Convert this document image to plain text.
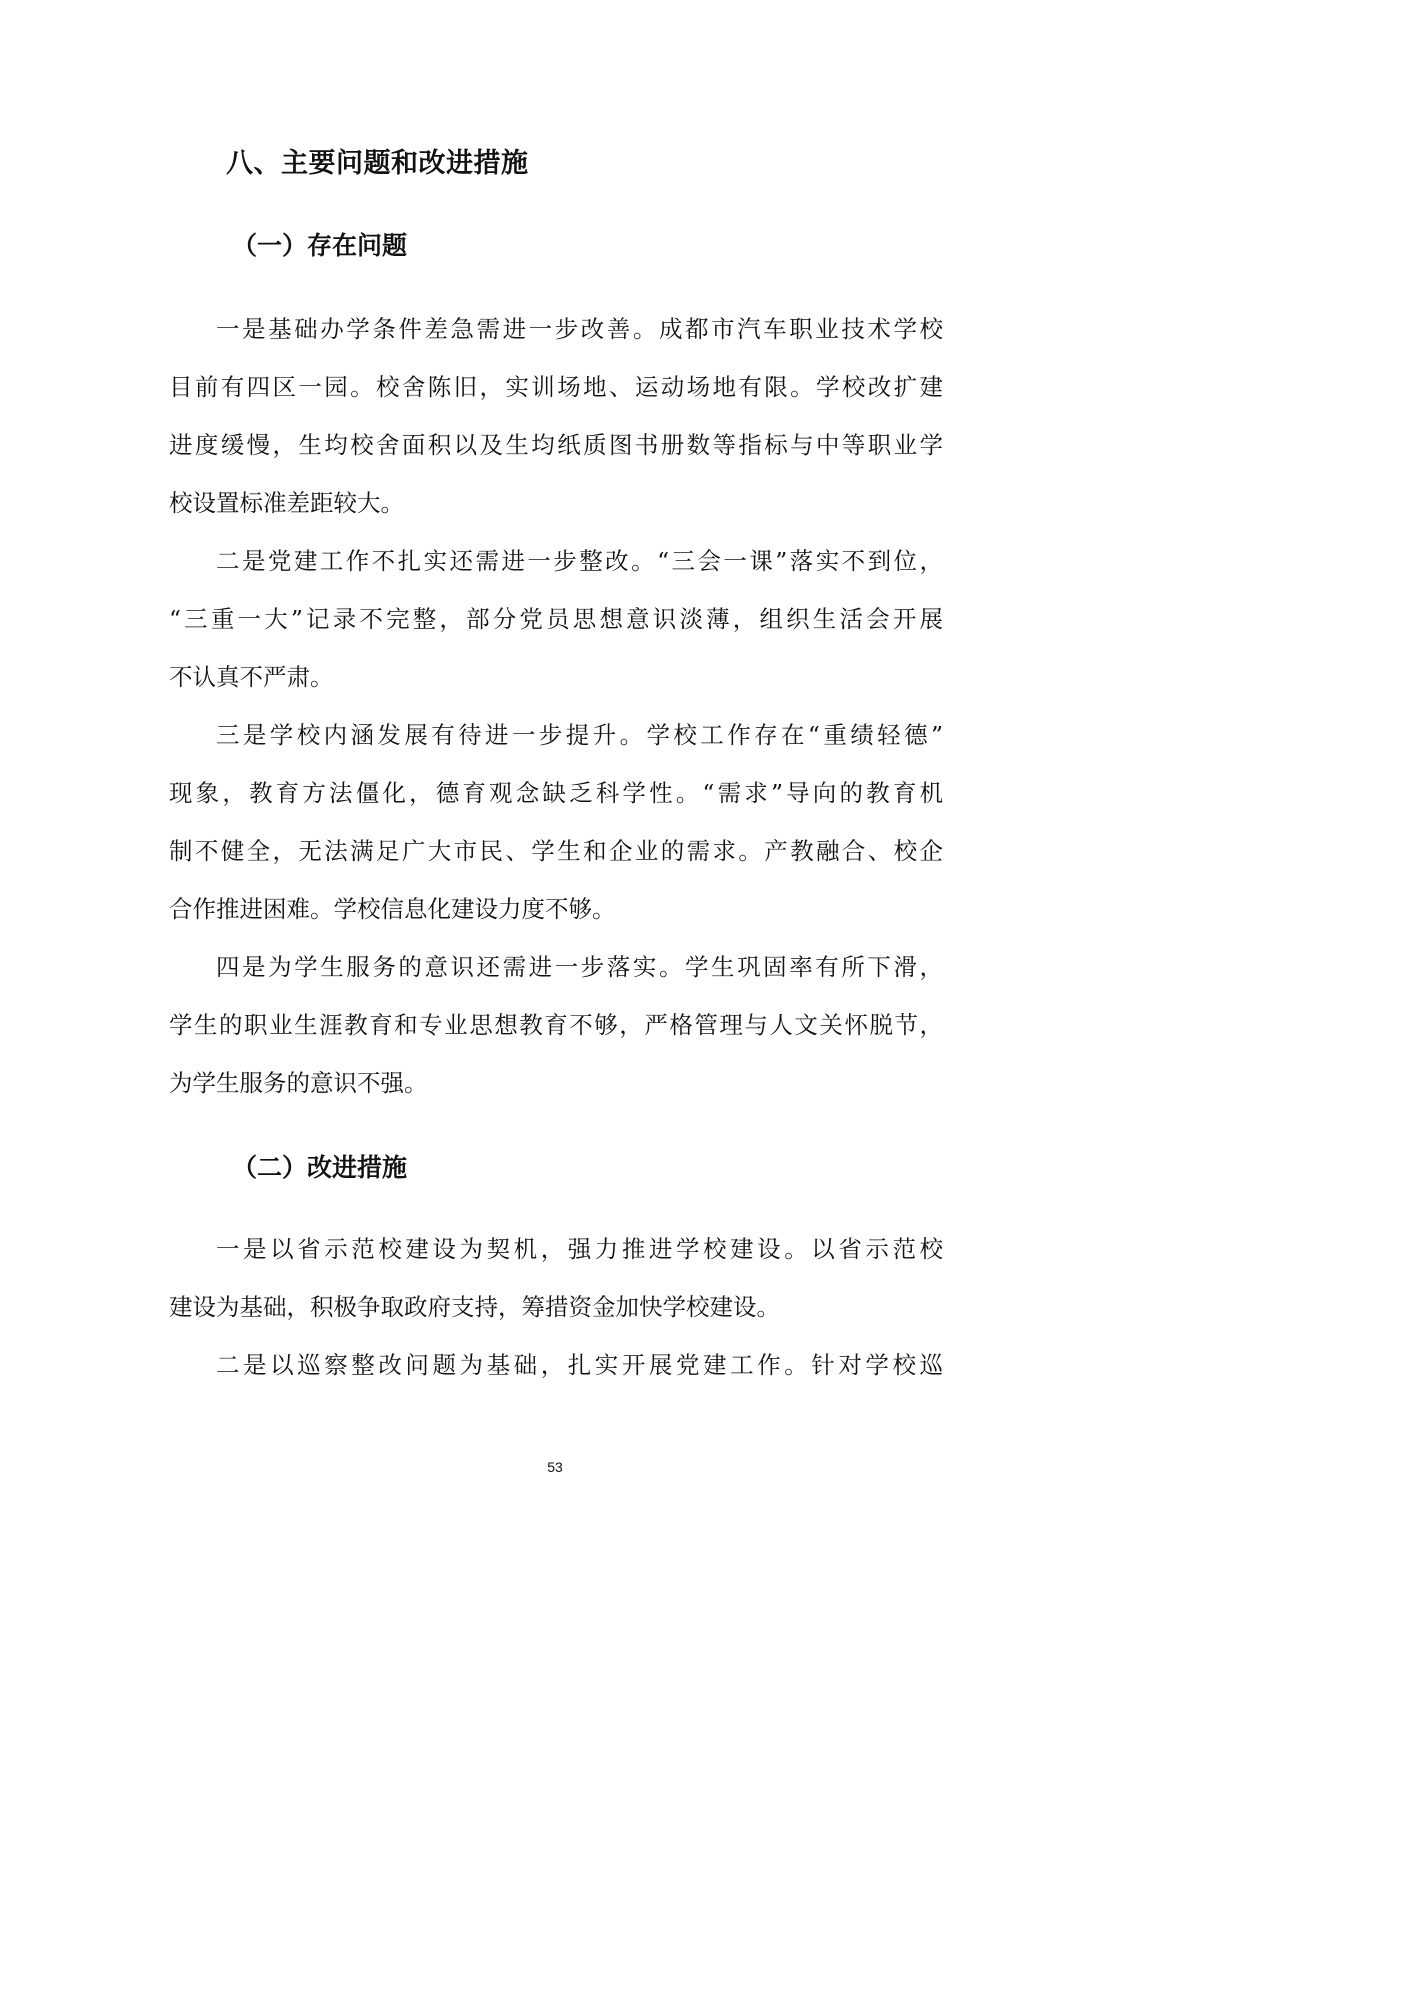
八、主要问题和改进措施
（一）存在问题

一是基础办学条件差急需进一步改善。成都市汽车职业技术学校
目前有四区一园。校舍陈旧，实训场地、运动场地有限。学校改扩建
进度缓慢，生均校舍面积以及生均纸质图书册数等指标与中等职业学
校设置标准差距较大。

二是党建工作不扎实还需进一步整改。“三会一课”落实不到位，
“三重一大”记录不完整，部分党员思想意识淡薄，组织生活会开展
不认真不严肃。

三是学校内涵发展有待进一步提升。学校工作存在“重绩轻德”
现象，教育方法僵化，德育观念缺乏科学性。“需求”导向的教育机
制不健全，无法满足广大市民、学生和企业的需求。产教融合、校企
合作推进困难。学校信息化建设力度不够。

四是为学生服务的意识还需进一步落实。学生巩固率有所下滑，
学生的职业生涯教育和专业思想教育不够，严格管理与人文关怀脱节，
为学生服务的意识不强。

（二）改进措施

一是以省示范校建设为契机，强力推进学校建设。以省示范校
建设为基础，积极争取政府支持，筹措资金加快学校建设。

二是以巡察整改问题为基础，扎实开展党建工作。针对学校巡

53
